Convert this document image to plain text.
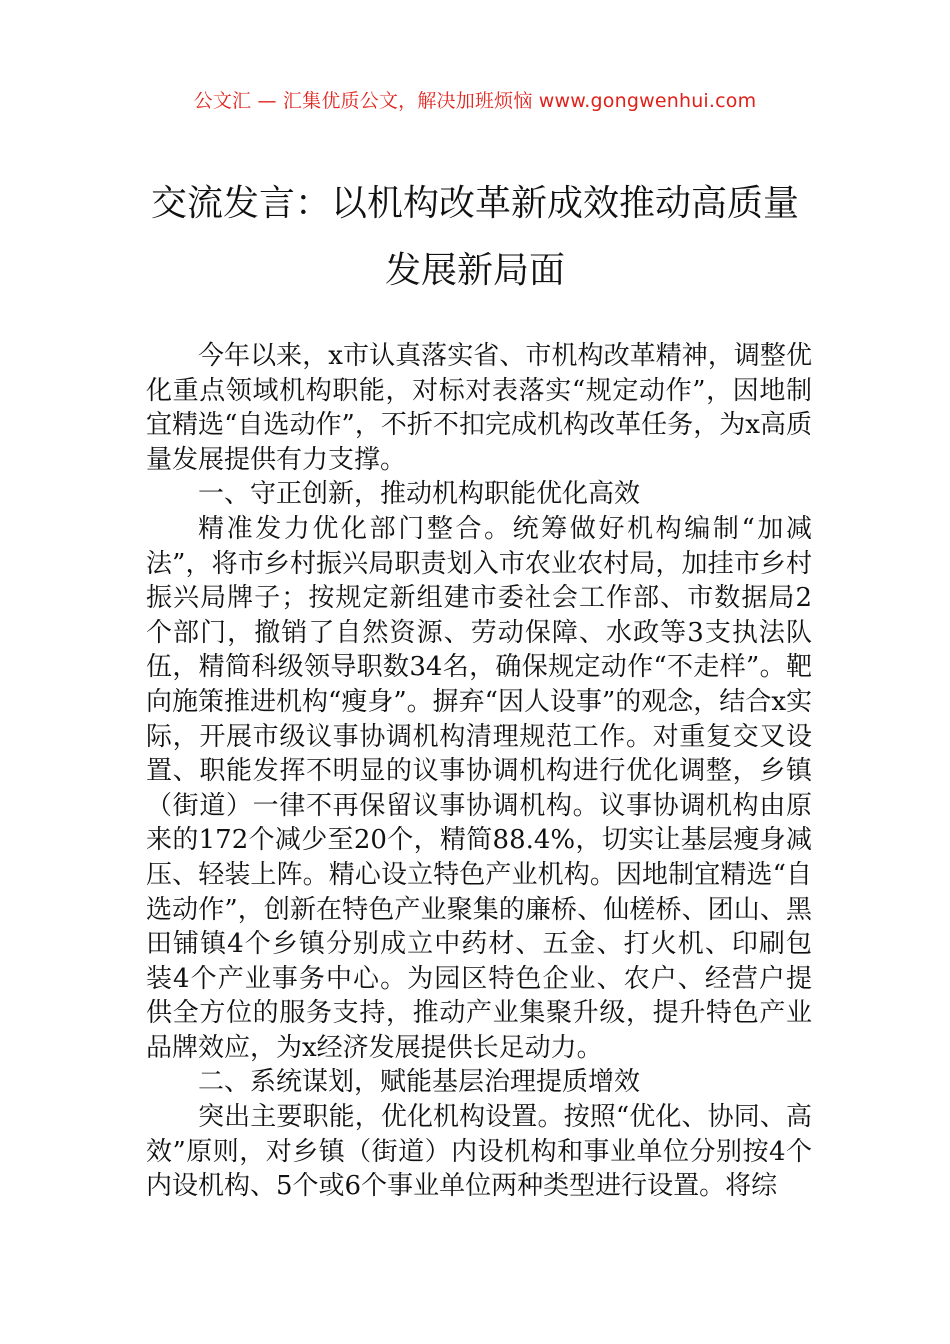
公文汇 — 汇集优质公文，解决加班烦恼 www.gongwenhui.com
交流发言：以机构改革新成效推动高质量
发展新局面

今年以来，x市认真落实省、市机构改革精神，调整优化重点领域机构职能，对标对表落实“规定动作”，因地制宜精选“自选动作”，不折不扣完成机构改革任务，为x高质量发展提供有力支撑。

一、守正创新，推动机构职能优化高效

精准发力优化部门整合。统筹做好机构编制“加减法”，将市乡村振兴局职责划入市农业农村局，加挂市乡村振兴局牌子；按规定新组建市委社会工作部、市数据局2个部门，撤销了自然资源、劳动保障、水政等3支执法队伍，精简科级领导职数34名，确保规定动作“不走样”。靶向施策推进机构“瘦身”。摒弃“因人设事”的观念，结合x实际，开展市级议事协调机构清理规范工作。对重复交叉设置、职能发挥不明显的议事协调机构进行优化调整，乡镇（街道）一律不再保留议事协调机构。议事协调机构由原来的172个减少至20个，精简88.4%，切实让基层瘦身减压、轻装上阵。精心设立特色产业机构。因地制宜精选“自选动作”，创新在特色产业聚集的廉桥、仙槎桥、团山、黑田铺镇4个乡镇分别成立中药材、五金、打火机、印刷包装4个产业事务中心。为园区特色企业、农户、经营户提供全方位的服务支持，推动产业集聚升级，提升特色产业品牌效应，为x经济发展提供长足动力。

二、系统谋划，赋能基层治理提质增效

突出主要职能，优化机构设置。按照“优化、协同、高效”原则，对乡镇（街道）内设机构和事业单位分别按4个内设机构、5个或6个事业单位两种类型进行设置。将综
